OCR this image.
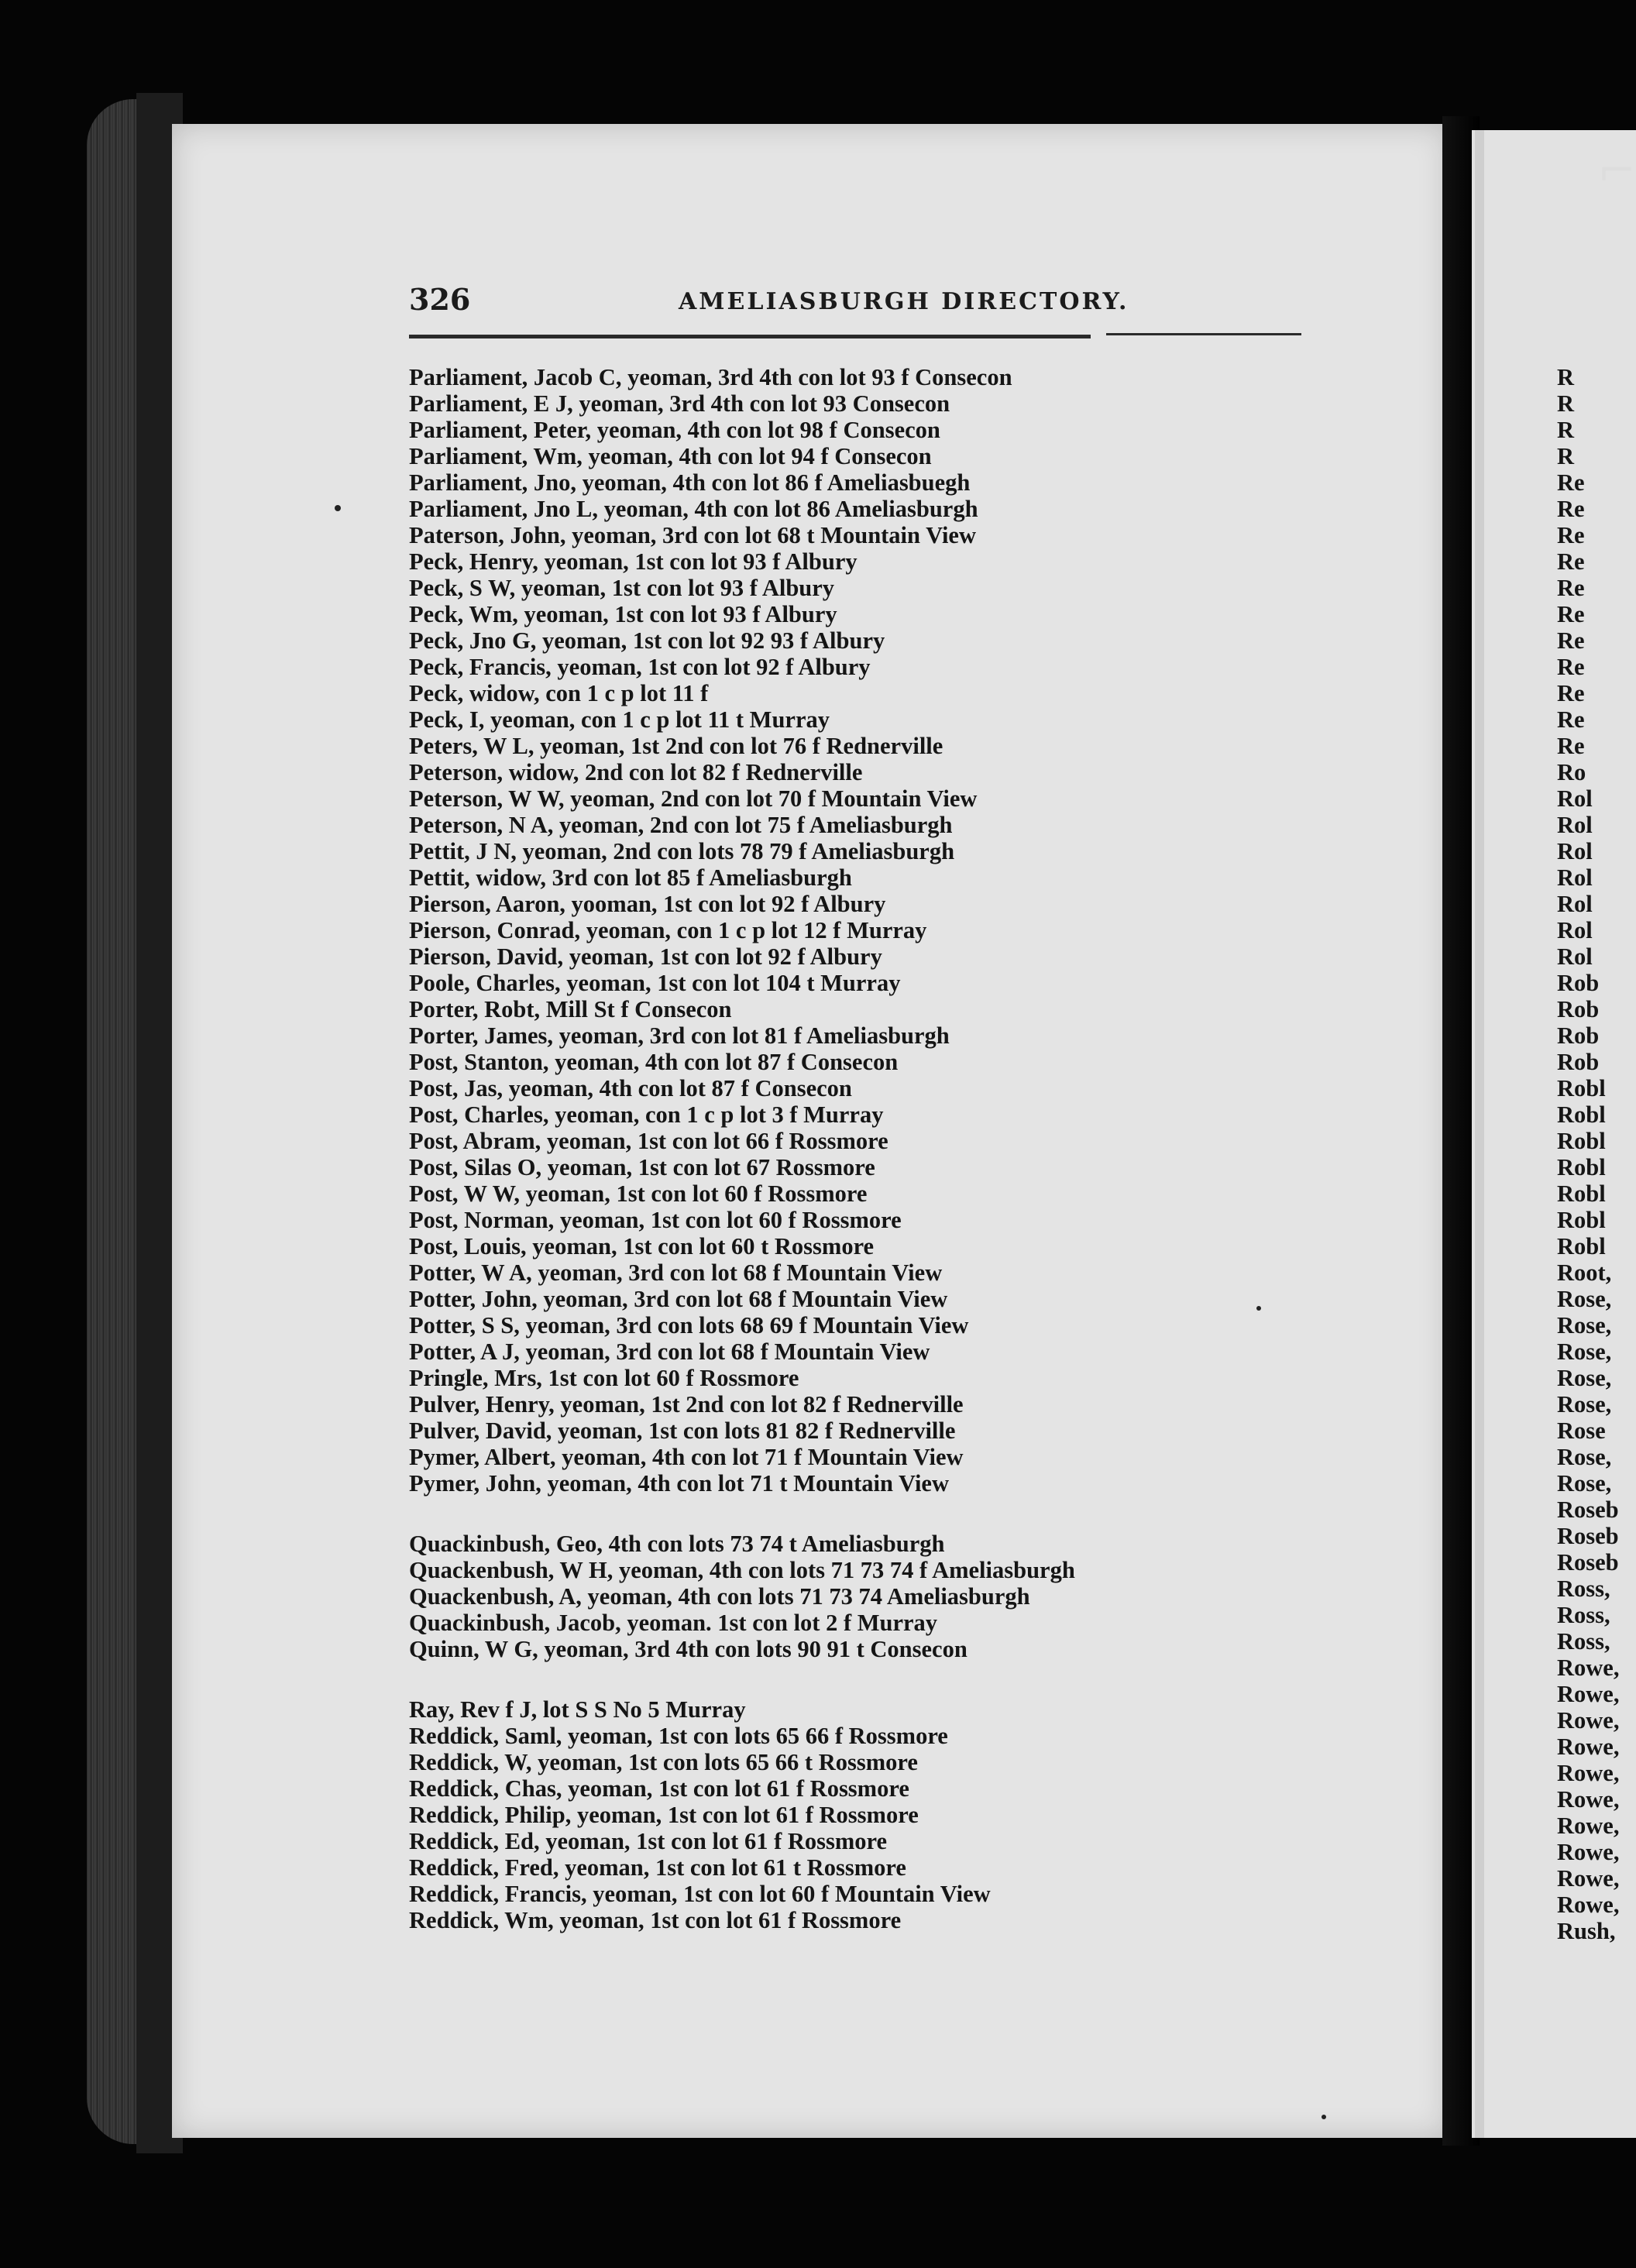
⌐
326	AMELIASBURGH DIRECTORY.
Parliament, Jacob C, yeoman, 3rd 4th con lot 93 f Consecon
Parliament, E J, yeoman, 3rd 4th con lot 93 Consecon
Parliament, Peter, yeoman, 4th con lot 98 f Consecon
Parliament, Wm, yeoman, 4th con lot 94 f Consecon
Parliament, Jno, yeoman, 4th con lot 86 f Ameliasbuegh
Parliament, Jno L, yeoman, 4th con lot 86 Ameliasburgh
Paterson, John, yeoman, 3rd con lot 68 t Mountain View
Peck, Henry, yeoman, 1st con lot 93 f Albury
Peck, S W, yeoman, 1st con lot 93 f Albury
Peck, Wm, yeoman, 1st con lot 93 f Albury
Peck, Jno G, yeoman, 1st con lot 92 93 f Albury
Peck, Francis, yeoman, 1st con lot 92 f Albury
Peck, widow, con 1 c p lot 11 f
Peck, I, yeoman, con 1 c p lot 11 t Murray
Peters, W L, yeoman, 1st 2nd con lot 76 f Rednerville
Peterson, widow, 2nd con lot 82 f Rednerville
Peterson, W W, yeoman, 2nd con lot 70 f Mountain View
Peterson, N A, yeoman, 2nd con lot 75 f Ameliasburgh
Pettit, J N, yeoman, 2nd con lots 78 79 f Ameliasburgh
Pettit, widow, 3rd con lot 85 f Ameliasburgh
Pierson, Aaron, yooman, 1st con lot 92 f Albury
Pierson, Conrad, yeoman, con 1 c p lot 12 f Murray
Pierson, David, yeoman, 1st con lot 92 f Albury
Poole, Charles, yeoman, 1st con lot 104 t Murray
Porter, Robt, Mill St f Consecon
Porter, James, yeoman, 3rd con lot 81 f Ameliasburgh
Post, Stanton, yeoman, 4th con lot 87 f Consecon
Post, Jas, yeoman, 4th con lot 87 f Consecon
Post, Charles, yeoman, con 1 c p lot 3 f Murray
Post, Abram, yeoman, 1st con lot 66 f Rossmore
Post, Silas O, yeoman, 1st con lot 67 Rossmore
Post, W W, yeoman, 1st con lot 60 f Rossmore
Post, Norman, yeoman, 1st con lot 60 f Rossmore
Post, Louis, yeoman, 1st con lot 60 t Rossmore
Potter, W A, yeoman, 3rd con lot 68 f Mountain View
Potter, John, yeoman, 3rd con lot 68 f Mountain View
Potter, S S, yeoman, 3rd con lots 68 69 f Mountain View
Potter, A J, yeoman, 3rd con lot 68 f Mountain View
Pringle, Mrs, 1st con lot 60 f Rossmore
Pulver, Henry, yeoman, 1st 2nd con lot 82 f Rednerville
Pulver, David, yeoman, 1st con lots 81 82 f Rednerville
Pymer, Albert, yeoman, 4th con lot 71 f Mountain View
Pymer, John, yeoman, 4th con lot 71 t Mountain View
Quackinbush, Geo, 4th con lots 73 74 t Ameliasburgh
Quackenbush, W H, yeoman, 4th con lots 71 73 74 f Ameliasburgh
Quackenbush, A, yeoman, 4th con lots 71 73 74 Ameliasburgh
Quackinbush, Jacob, yeoman. 1st con lot 2 f Murray
Quinn, W G, yeoman, 3rd 4th con lots 90 91 t Consecon
Ray, Rev f J, lot S S No 5 Murray
Reddick, Saml, yeoman, 1st con lots 65 66 f Rossmore
Reddick, W, yeoman, 1st con lots 65 66 t Rossmore
Reddick, Chas, yeoman, 1st con lot 61 f Rossmore
Reddick, Philip, yeoman, 1st con lot 61 f Rossmore
Reddick, Ed, yeoman, 1st con lot 61 f Rossmore
Reddick, Fred, yeoman, 1st con lot 61 t Rossmore
Reddick, Francis, yeoman, 1st con lot 60 f Mountain View
Reddick, Wm, yeoman, 1st con lot 61 f Rossmore
R
R
R
R
Re
Re
Re
Re
Re
Re
Re
Re
Re
Re
Re
Ro
Rol
Rol
Rol
Rol
Rol
Rol
Rol
Rob
Rob
Rob
Rob
Robl
Robl
Robl
Robl
Robl
Robl
Robl
Root,
Rose,
Rose,
Rose,
Rose,
Rose,
Rose
Rose,
Rose,
Roseb
Roseb
Roseb
Ross,
Ross,
Ross,
Rowe,
Rowe,
Rowe,
Rowe,
Rowe,
Rowe,
Rowe,
Rowe,
Rowe,
Rowe,
Rush,
